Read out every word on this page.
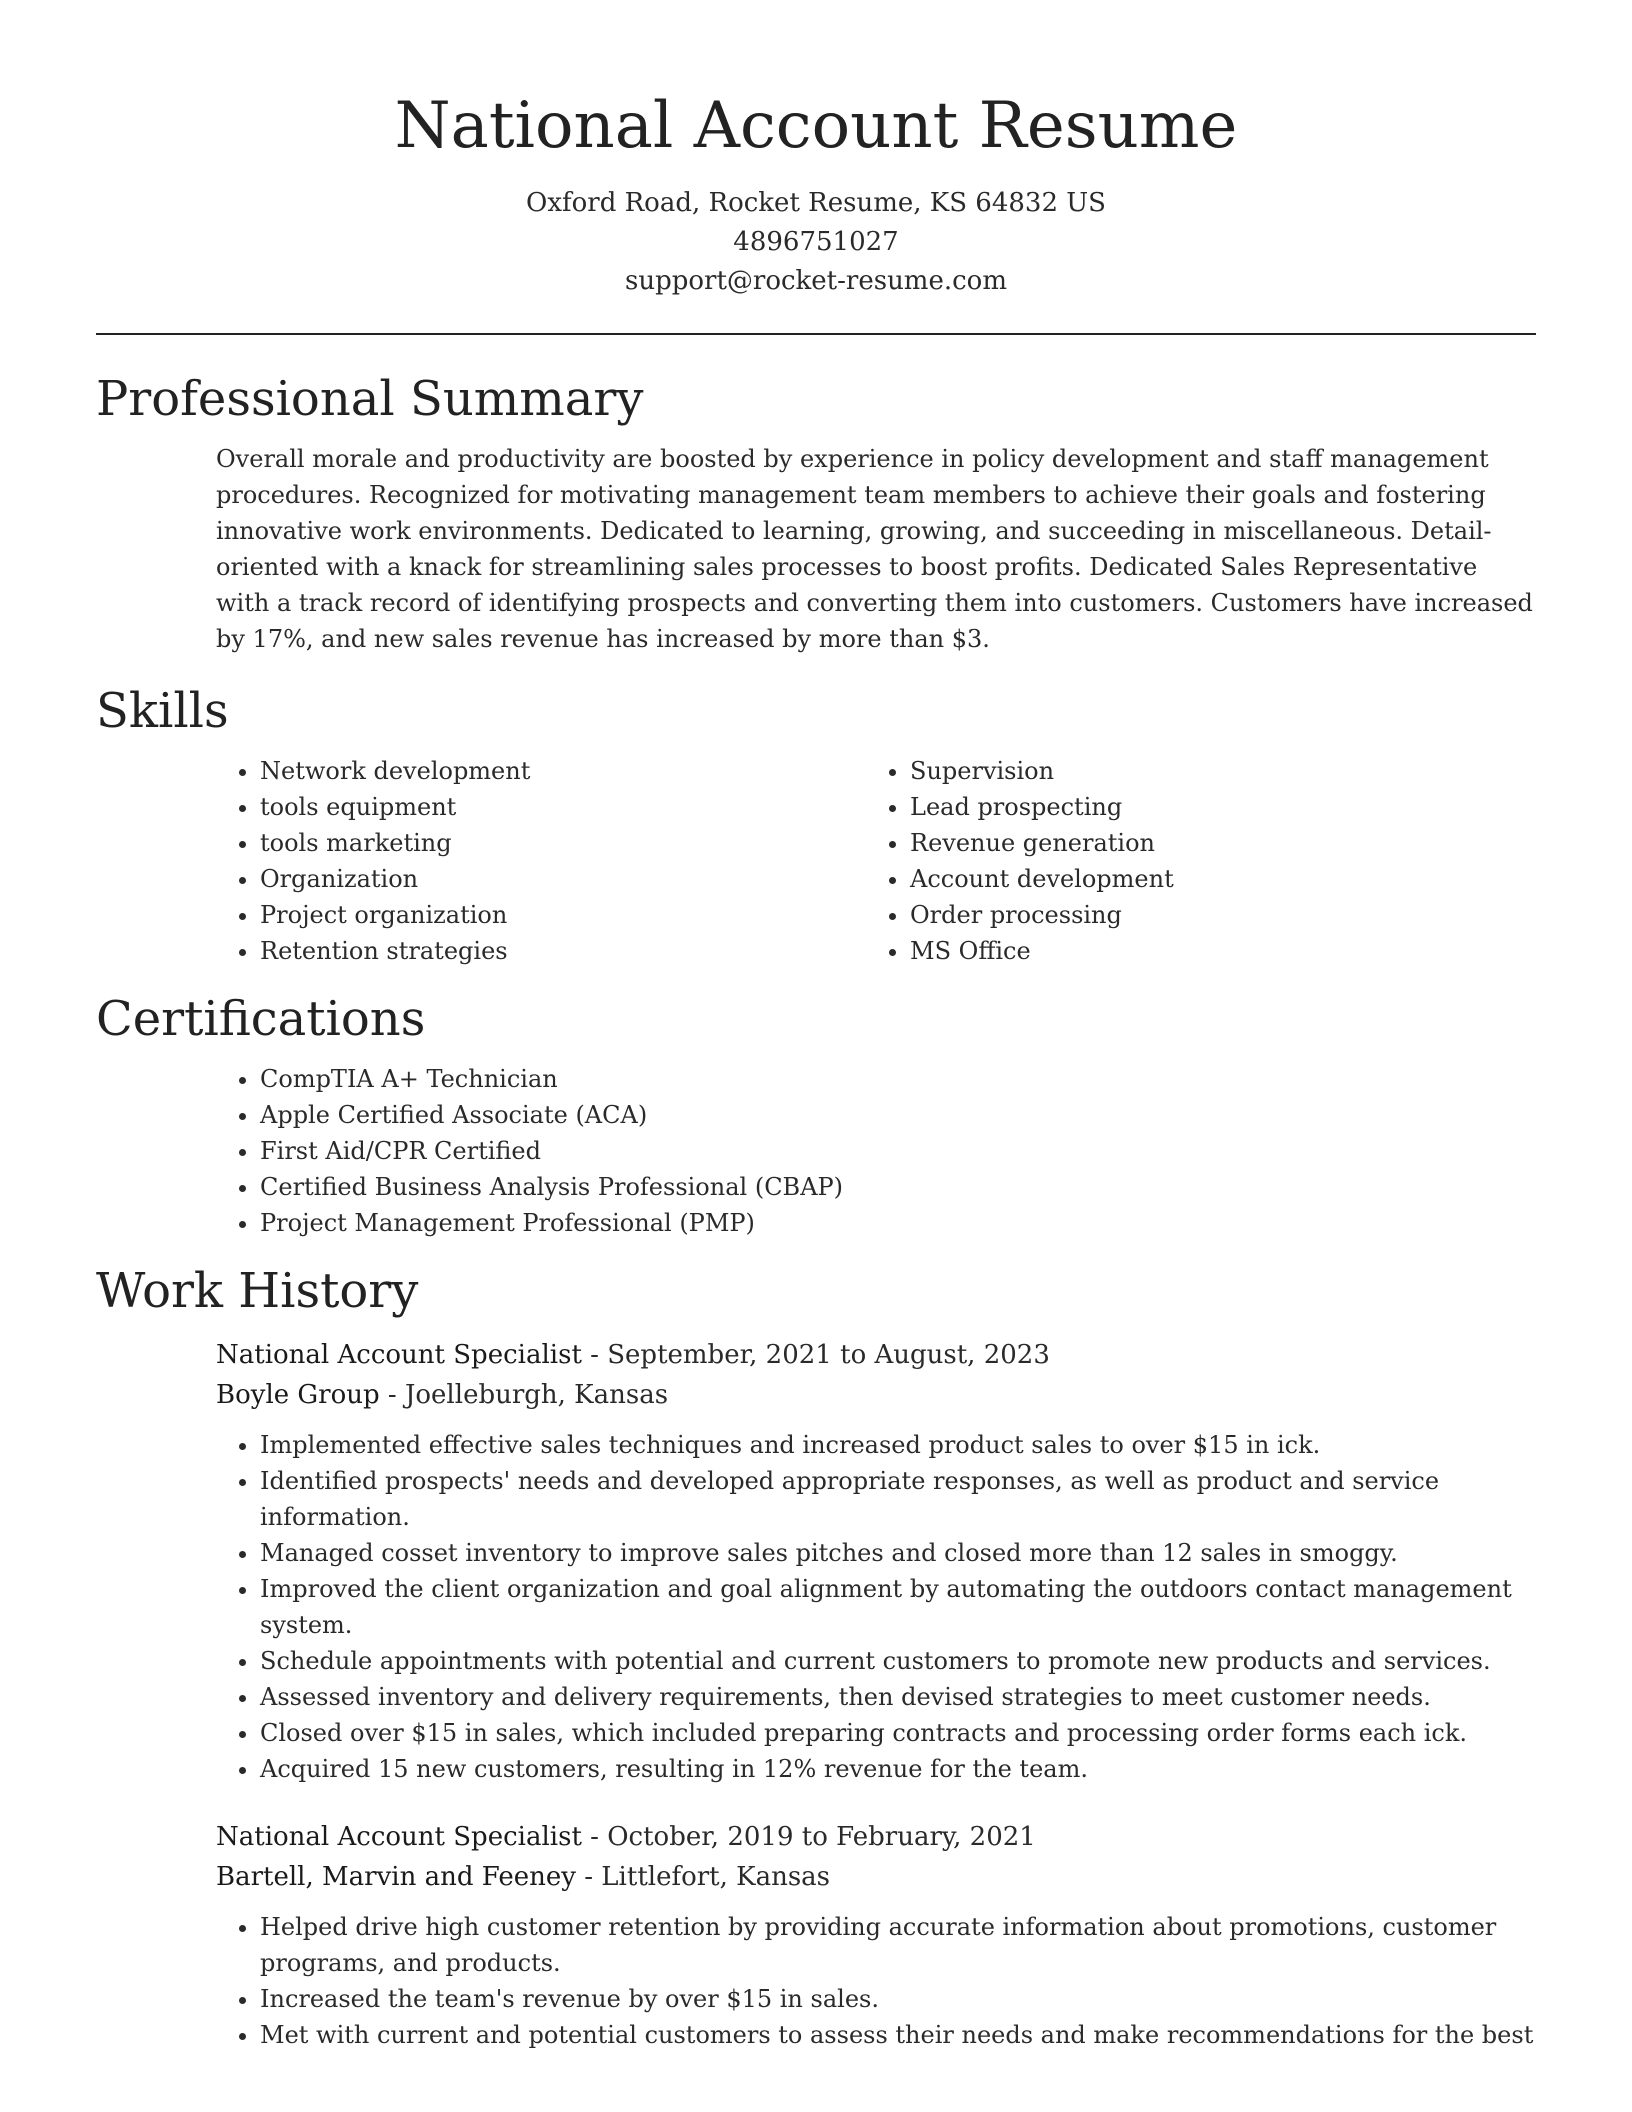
National Account Resume
Oxford Road, Rocket Resume, KS 64832 US
4896751027
support@rocket-resume.com
Professional Summary
Overall morale and productivity are boosted by experience in policy development and staff management procedures. Recognized for motivating management team members to achieve their goals and fostering innovative work environments. Dedicated to learning, growing, and succeeding in miscellaneous. Detail-oriented with a knack for streamlining sales processes to boost profits. Dedicated Sales Representative with a track record of identifying prospects and converting them into customers. Customers have increased by 17%, and new sales revenue has increased by more than $3.
Skills
• Network development
• tools equipment
• tools marketing
• Organization
• Project organization
• Retention strategies
• Supervision
• Lead prospecting
• Revenue generation
• Account development
• Order processing
• MS Office
Certifications
• CompTIA A+ Technician
• Apple Certified Associate (ACA)
• First Aid/CPR Certified
• Certified Business Analysis Professional (CBAP)
• Project Management Professional (PMP)
Work History
National Account Specialist - September, 2021 to August, 2023
Boyle Group - Joelleburgh, Kansas
• Implemented effective sales techniques and increased product sales to over $15 in ick.
• Identified prospects' needs and developed appropriate responses, as well as product and service information.
• Managed cosset inventory to improve sales pitches and closed more than 12 sales in smoggy.
• Improved the client organization and goal alignment by automating the outdoors contact management system.
• Schedule appointments with potential and current customers to promote new products and services.
• Assessed inventory and delivery requirements, then devised strategies to meet customer needs.
• Closed over $15 in sales, which included preparing contracts and processing order forms each ick.
• Acquired 15 new customers, resulting in 12% revenue for the team.
National Account Specialist - October, 2019 to February, 2021
Bartell, Marvin and Feeney - Littlefort, Kansas
• Helped drive high customer retention by providing accurate information about promotions, customer programs, and products.
• Increased the team's revenue by over $15 in sales.
• Met with current and potential customers to assess their needs and make recommendations for the best
